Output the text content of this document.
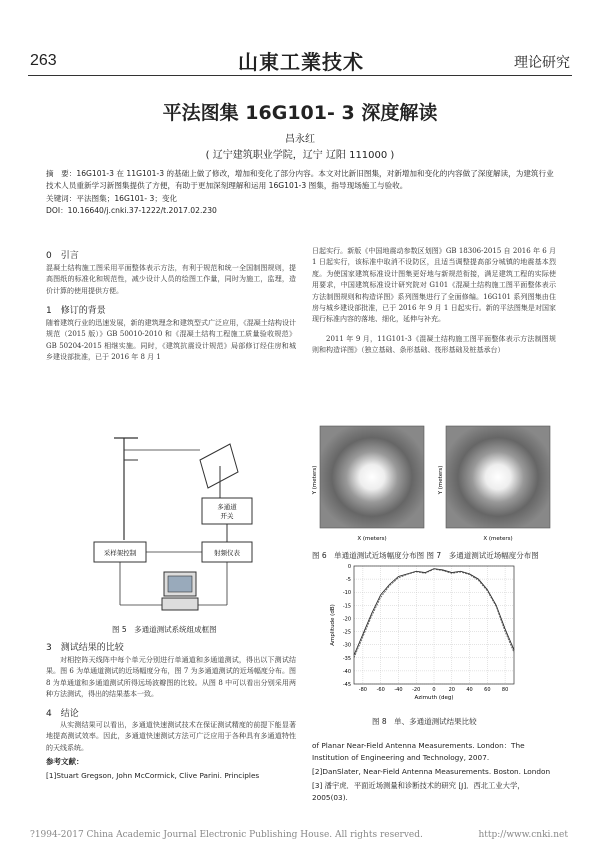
263	山東工業技术	理论研究
平法图集 16G101- 3 深度解读
昌永红
( 辽宁建筑职业学院，辽宁 辽阳 111000 )
摘　要：16G101-3 在 11G101-3 的基础上做了修改，增加和变化了部分内容。本文对比新旧图集，对新增加和变化的内容做了深度解读，为建筑行业技术人员重新学习新图集提供了方便，有助于更加深刻理解和运用 16G101-3 图集，指导现场施工与验收。
关键词：平法图集；16G101- 3；变化
DOI：10.16640/j.cnki.37-1222/t.2017.02.230
0　引言
混凝土结构施工图采用平面整体表示方法，有利于规范和统一全国制图规则，提高图纸的标准化和规范性，减少设计人员的绘图工作量，同时为施工，监理，造价计算的使用提供方便。
1　修订的背景
随着建筑行业的迅速发展，新的建筑理念和建筑型式广泛应用，《混凝土结构设计规范（2015 版）》GB 50010-2010 和《混凝土结构工程施工质量验收规范》GB 50204-2015 相继实施。同时，《建筑抗震设计规范》局部修订经住房和城乡建设部批准，已于 2016 年 8 月 1
日起实行。新版《中国地震动参数区划图》GB 18306-2015 自 2016 年 6 月 1 日起实行，该标准中取消不设防区，且适当调整提高部分城镇的地震基本烈度。为使国家建筑标准设计图集更好地与新规范衔接，满足建筑工程的实际使用要求，中国建筑标准设计研究院对 G101《混凝土结构施工图平面整体表示方法制图规则和构造详图》系列图集进行了全面修编。16G101 系列图集由住房与城乡建设部批准，已于 2016 年 9 月 1 日起实行。新的平法图集是对国家现行标准内容的落地、细化，延伸与补充。
2011 年 9 月，11G101-3《混凝土结构施工图平面整体表示方法制图规则和构造详图》（独立基础、条形基础、筏形基础及桩基承台）
多通道
开关
采样架控制	射频仪表
图 5　多通道测试系统组成框图
X (meters)
Y (meters)
X (meters)
Y (meters)
图 6　单通道测试近场幅度分布图 图 7　多通道测试近场幅度分布图
0
-5
-10
-15
-20
-25
-30
-35
-40
-45
-80 -60 -40 -20 0	20 40 60 80
Azimuth (deg)
Amplitude (dB)
图 8　单、多通道测试结果比较
3　测试结果的比较
对相控阵天线阵中每个单元分别进行单通道和多通道测试，得出以下测试结果。图 6 为单通道测试的近场幅度分布，图 7 为多通道测试的近场幅度分布。图 8 为单通道和多通道测试所得远场波瓣图的比较。从图 8 中可以看出分别采用两种方法测试，得出的结果基本一致。
4　结论
从实测结果可以看出，多通道快速测试技术在保证测试精度的前提下能显著地提高测试效率。因此，多通道快速测试方法可广泛应用于各种具有多通道特性的天线系统。
参考文献：
[1]Stuart Gregson, John McCormick, Clive Parini. Principles
of Planar Near-Field Antenna Measurements. London：The Institution of Engineering and Technology, 2007.
[2]DanSlater, Near-Field Antenna Measurements. Boston. London
[3] 潘宇虎．平面近场测量和诊断技术的研究 [J]．西北工业大学，2005(03).
?1994-2017 China Academic Journal Electronic Publishing House. All rights reserved.	http://www.cnki.net
